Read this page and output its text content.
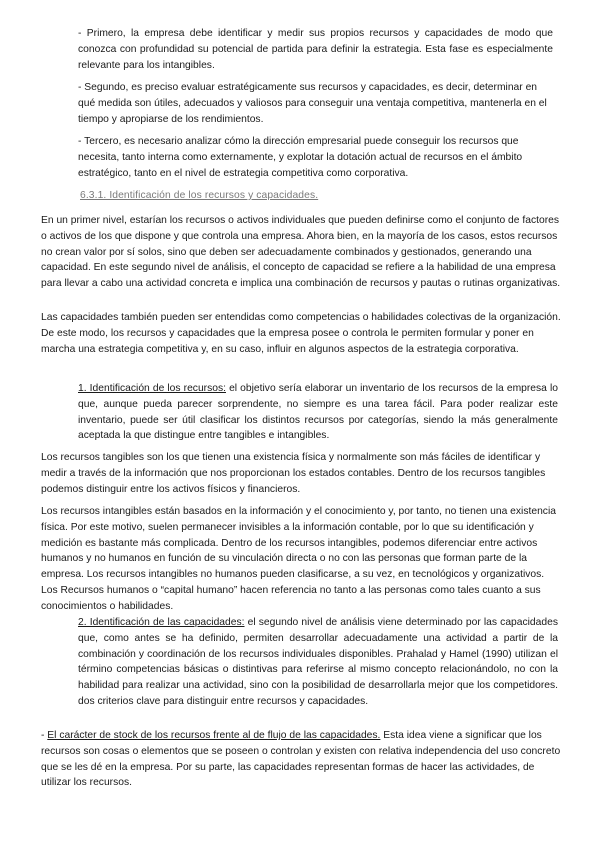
- Primero, la empresa debe identificar y medir sus propios recursos y capacidades de modo que conozca con profundidad su potencial de partida para definir la estrategia. Esta fase es especialmente relevante para los intangibles.

- Segundo, es preciso evaluar estratégicamente sus recursos y capacidades, es decir, determinar en qué medida son útiles, adecuados y valiosos para conseguir una ventaja competitiva, mantenerla en el tiempo y apropiarse de los rendimientos.

- Tercero, es necesario analizar cómo la dirección empresarial puede conseguir los recursos que necesita, tanto interna como externamente, y explotar la dotación actual de recursos en el ámbito estratégico, tanto en el nivel de estrategia competitiva como corporativa.

6.3.1. Identificación de los recursos y capacidades.

En un primer nivel, estarían los recursos o activos individuales que pueden definirse como el conjunto de factores o activos de los que dispone y que controla una empresa. Ahora bien, en la mayoría de los casos, estos recursos no crean valor por sí solos, sino que deben ser adecuadamente combinados y gestionados, generando una capacidad. En este segundo nivel de análisis, el concepto de capacidad se refiere a la habilidad de una empresa para llevar a cabo una actividad concreta e implica una combinación de recursos y pautas o rutinas organizativas.

Las capacidades también pueden ser entendidas como competencias o habilidades colectivas de la organización. De este modo, los recursos y capacidades que la empresa posee o controla le permiten formular y poner en marcha una estrategia competitiva y, en su caso, influir en algunos aspectos de la estrategia corporativa.

1. Identificación de los recursos: el objetivo sería elaborar un inventario de los recursos de la empresa lo que, aunque pueda parecer sorprendente, no siempre es una tarea fácil. Para poder realizar este inventario, puede ser útil clasificar los distintos recursos por categorías, siendo la más generalmente aceptada la que distingue entre tangibles e intangibles.

Los recursos tangibles son los que tienen una existencia física y normalmente son más fáciles de identificar y medir a través de la información que nos proporcionan los estados contables. Dentro de los recursos tangibles podemos distinguir entre los activos físicos y financieros.

Los recursos intangibles están basados en la información y el conocimiento y, por tanto, no tienen una existencia física. Por este motivo, suelen permanecer invisibles a la información contable, por lo que su identificación y medición es bastante más complicada. Dentro de los recursos intangibles, podemos diferenciar entre activos humanos y no humanos en función de su vinculación directa o no con las personas que forman parte de la empresa. Los recursos intangibles no humanos pueden clasificarse, a su vez, en tecnológicos y organizativos. Los Recursos humanos o “capital humano” hacen referencia no tanto a las personas como tales cuanto a sus conocimientos o habilidades.

2. Identificación de las capacidades: el segundo nivel de análisis viene determinado por las capacidades que, como antes se ha definido, permiten desarrollar adecuadamente una actividad a partir de la combinación y coordinación de los recursos individuales disponibles. Prahalad y Hamel (1990) utilizan el término competencias básicas o distintivas para referirse al mismo concepto relacionándolo, no con la habilidad para realizar una actividad, sino con la posibilidad de desarrollarla mejor que los competidores. dos criterios clave para distinguir entre recursos y capacidades.

- El carácter de stock de los recursos frente al de flujo de las capacidades. Esta idea viene a significar que los recursos son cosas o elementos que se poseen o controlan y existen con relativa independencia del uso concreto que se les dé en la empresa. Por su parte, las capacidades representan formas de hacer las actividades, de utilizar los recursos.
